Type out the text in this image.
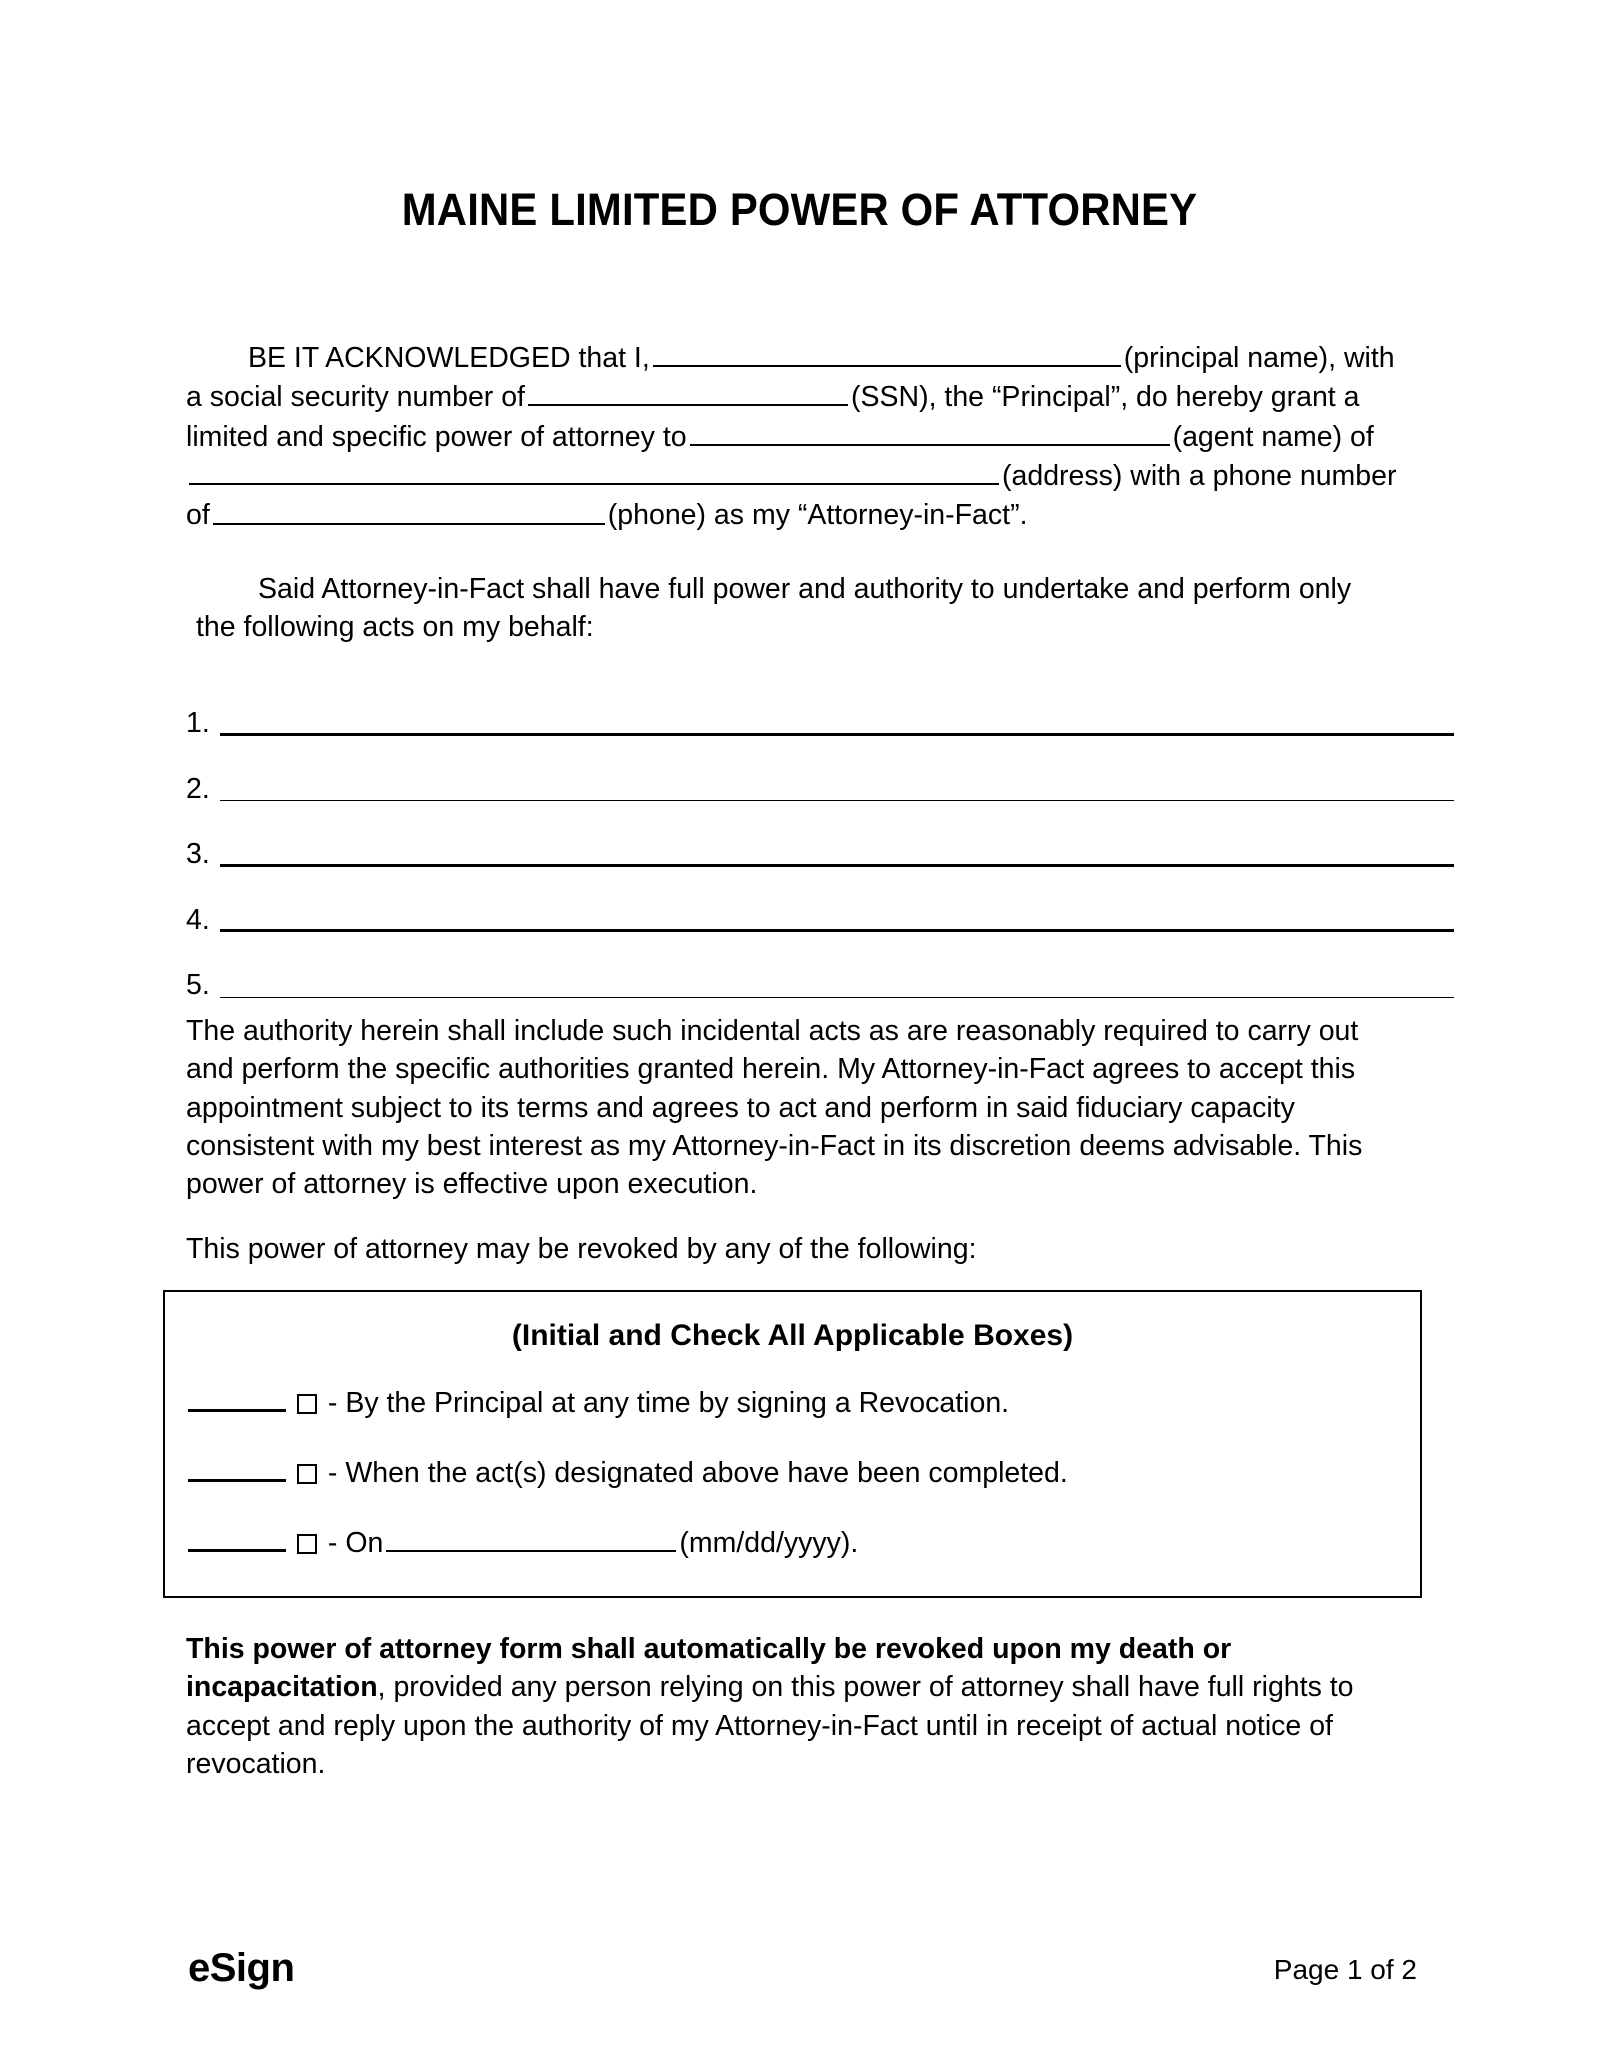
MAINE LIMITED POWER OF ATTORNEY
BE IT ACKNOWLEDGED that I,	(principal name), with a social security number of	(SSN), the “Principal”, do hereby grant a limited and specific power of attorney to	(agent name) of(address) with a phone number of	(phone) as my “Attorney-in-Fact”.
Said Attorney-in-Fact shall have full power and authority to undertake and perform only the following acts on my behalf:
1.
2.
3.
4.
5.
The authority herein shall include such incidental acts as are reasonably required to carry out and perform the specific authorities granted herein. My Attorney-in-Fact agrees to accept this appointment subject to its terms and agrees to act and perform in said fiduciary capacity consistent with my best interest as my Attorney-in-Fact in its discretion deems advisable. This power of attorney is effective upon execution.
This power of attorney may be revoked by any of the following:
(Initial and Check All Applicable Boxes)
- By the Principal at any time by signing a Revocation.
- When the act(s) designated above have been completed.
- On	(mm/dd/yyyy).
This power of attorney form shall automatically be revoked upon my death or incapacitation, provided any person relying on this power of attorney shall have full rights to accept and reply upon the authority of my Attorney-in-Fact until in receipt of actual notice of revocation.
eSign	Page 1 of 2
